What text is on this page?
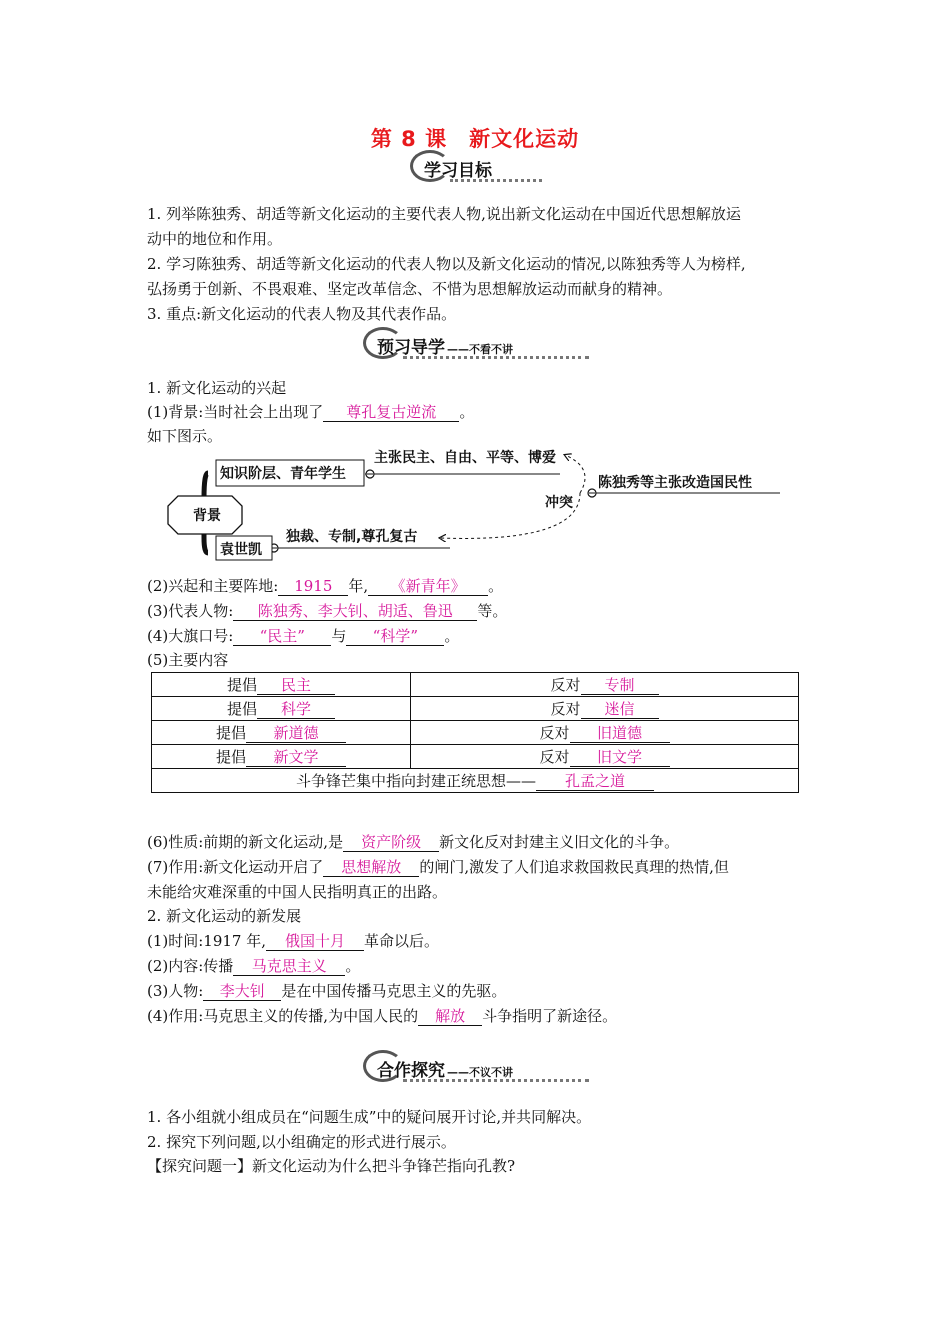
第 8 课　新文化运动
学习目标
1. 列举陈独秀、胡适等新文化运动的主要代表人物,说出新文化运动在中国近代思想解放运
动中的地位和作用。
2. 学习陈独秀、胡适等新文化运动的代表人物以及新文化运动的情况,以陈独秀等人为榜样,
弘扬勇于创新、不畏艰难、坚定改革信念、不惜为思想解放运动而献身的精神。
3. 重点:新文化运动的代表人物及其代表作品。
预习导学 ——不看不讲
1. 新文化运动的兴起
(1)背景:当时社会上出现了 尊孔复古逆流 。
如下图示。
背景
知识阶层、青年学生
袁世凯
主张民主、自由、平等、博爱
独裁、专制,尊孔复古
冲突
陈独秀等主张改造国民性
(2)兴起和主要阵地: 1915 年, 《新青年》 。
(3)代表人物: 陈独秀、李大钊、胡适、鲁迅 等。
(4)大旗口号: “民主” 与 “科学” 。
(5)主要内容
提倡 民主	反对 专制
提倡 科学	反对 迷信
提倡 新道德	反对 旧道德
提倡 新文学	反对 旧文学
斗争锋芒集中指向封建正统思想—— 孔孟之道	
(6)性质:前期的新文化运动,是 资产阶级 新文化反对封建主义旧文化的斗争。
(7)作用:新文化运动开启了 思想解放 的闸门,激发了人们追求救国救民真理的热情,但
未能给灾难深重的中国人民指明真正的出路。
2. 新文化运动的新发展
(1)时间:1917 年, 俄国十月 革命以后。
(2)内容:传播 马克思主义 。
(3)人物: 李大钊 是在中国传播马克思主义的先驱。
(4)作用:马克思主义的传播,为中国人民的 解放 斗争指明了新途径。
合作探究 ——不议不讲
1. 各小组就小组成员在“问题生成”中的疑问展开讨论,并共同解决。
2. 探究下列问题,以小组确定的形式进行展示。
【探究问题一】新文化运动为什么把斗争锋芒指向孔教?
